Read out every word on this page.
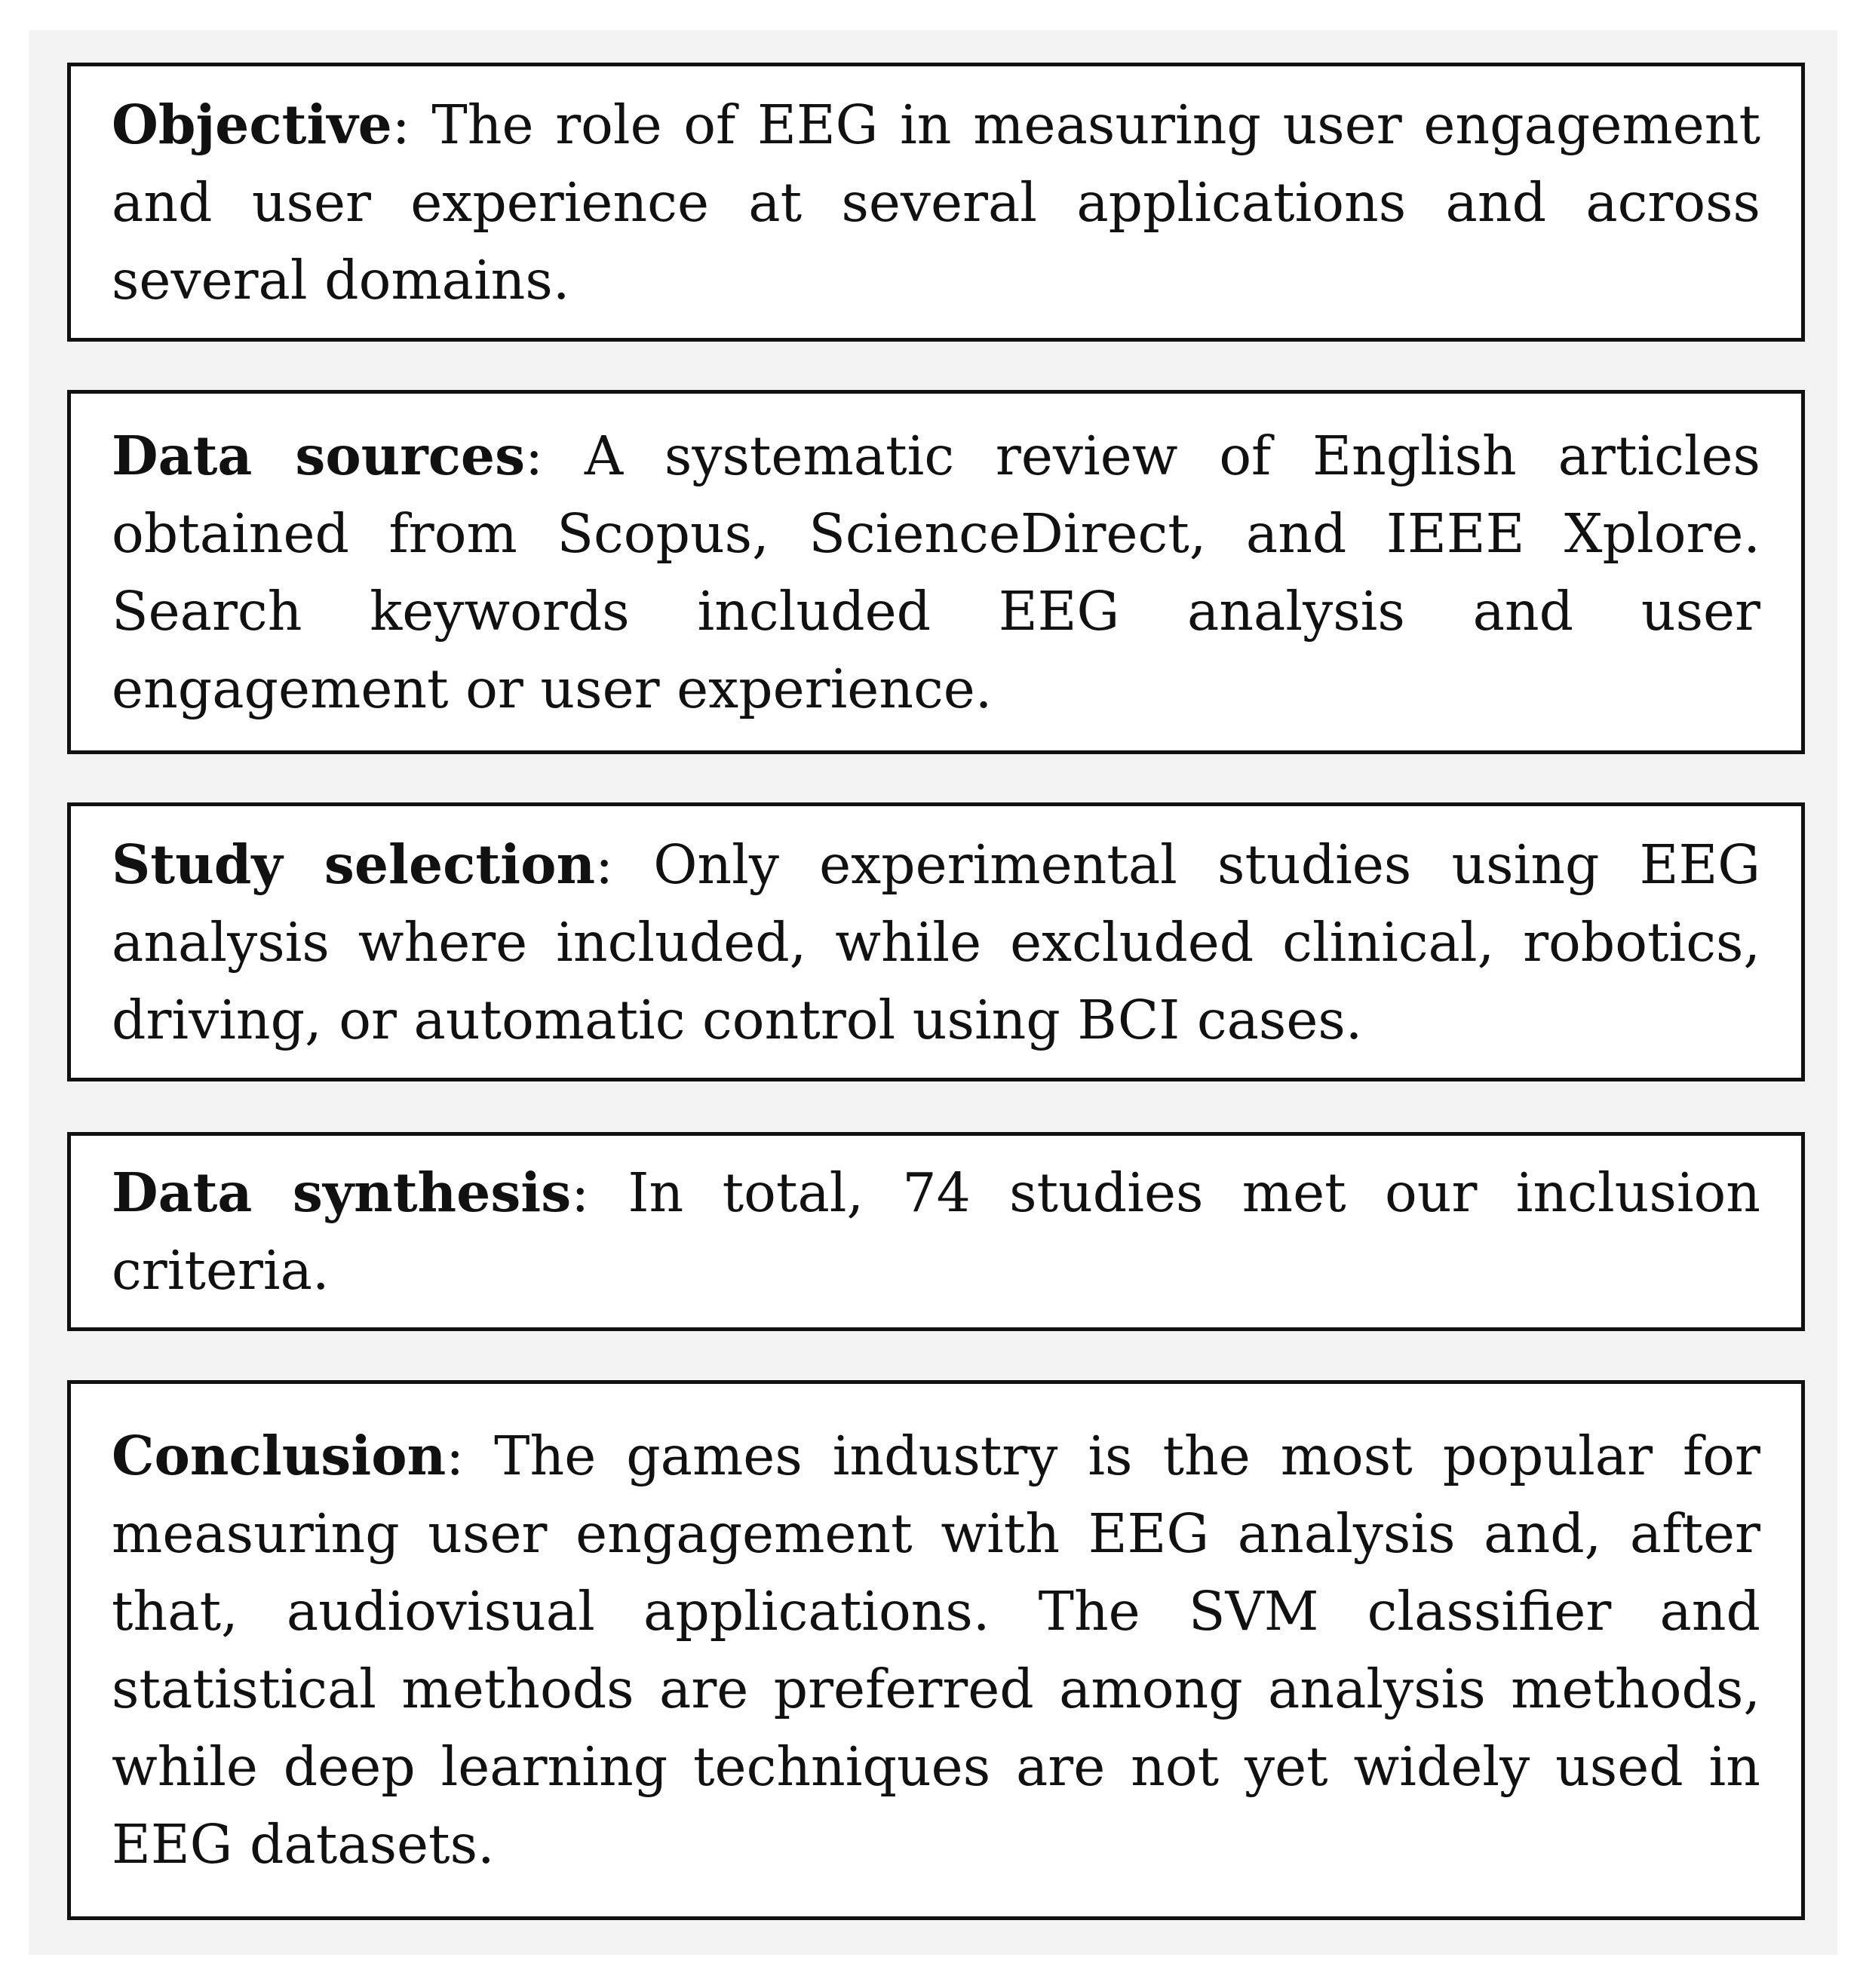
Objective: The role of EEG in measuring user engagement and user experience at several applications and across several domains.

Data sources: A systematic review of English articles obtained from Scopus, ScienceDirect, and IEEE Xplore. Search keywords included EEG analysis and user engagement or user experience.

Study selection: Only experimental studies using EEG analysis where included, while excluded clinical, robotics, driving, or automatic control using BCI cases.

Data synthesis: In total, 74 studies met our inclusion criteria.

Conclusion: The games industry is the most popular for measuring user engagement with EEG analysis and, after that, audiovisual applications. The SVM classifier and statistical methods are preferred among analysis methods, while deep learning techniques are not yet widely used in EEG datasets.
